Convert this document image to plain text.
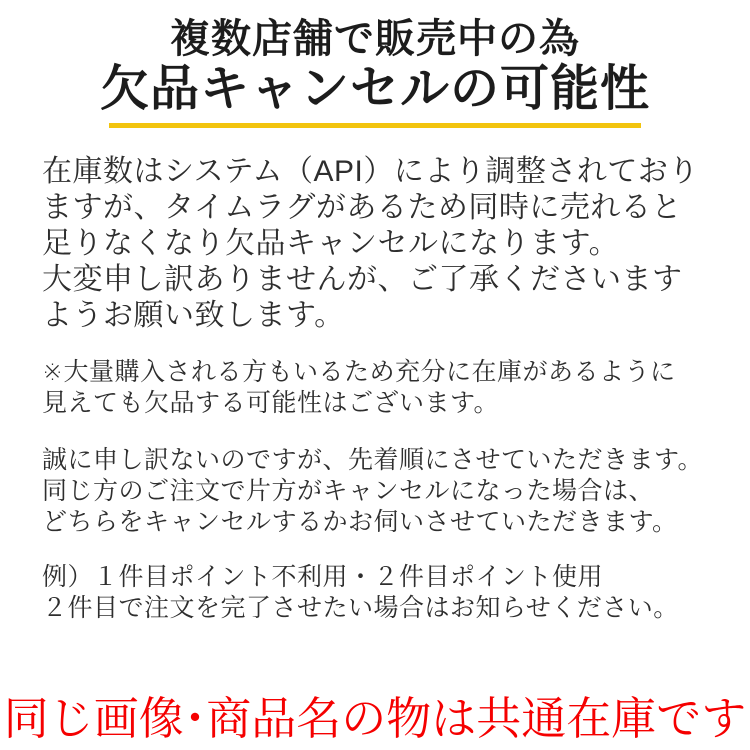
複数店舗で販売中の為
欠品キャンセルの可能性

在庫数はシステム（API）により調整されており
ますが、タイムラグがあるため同時に売れると
足りなくなり欠品キャンセルになります。
大変申し訳ありませんが、ご了承くださいます
ようお願い致します。

※大量購入される方もいるため充分に在庫があるように
見えても欠品する可能性はございます。

誠に申し訳ないのですが、先着順にさせていただきます。
同じ方のご注文で片方がキャンセルになった場合は、
どちらをキャンセルするかお伺いさせていただきます。

例）１件目ポイント不利用・２件目ポイント使用
２件目で注文を完了させたい場合はお知らせください。

同じ画像･商品名の物は共通在庫です
